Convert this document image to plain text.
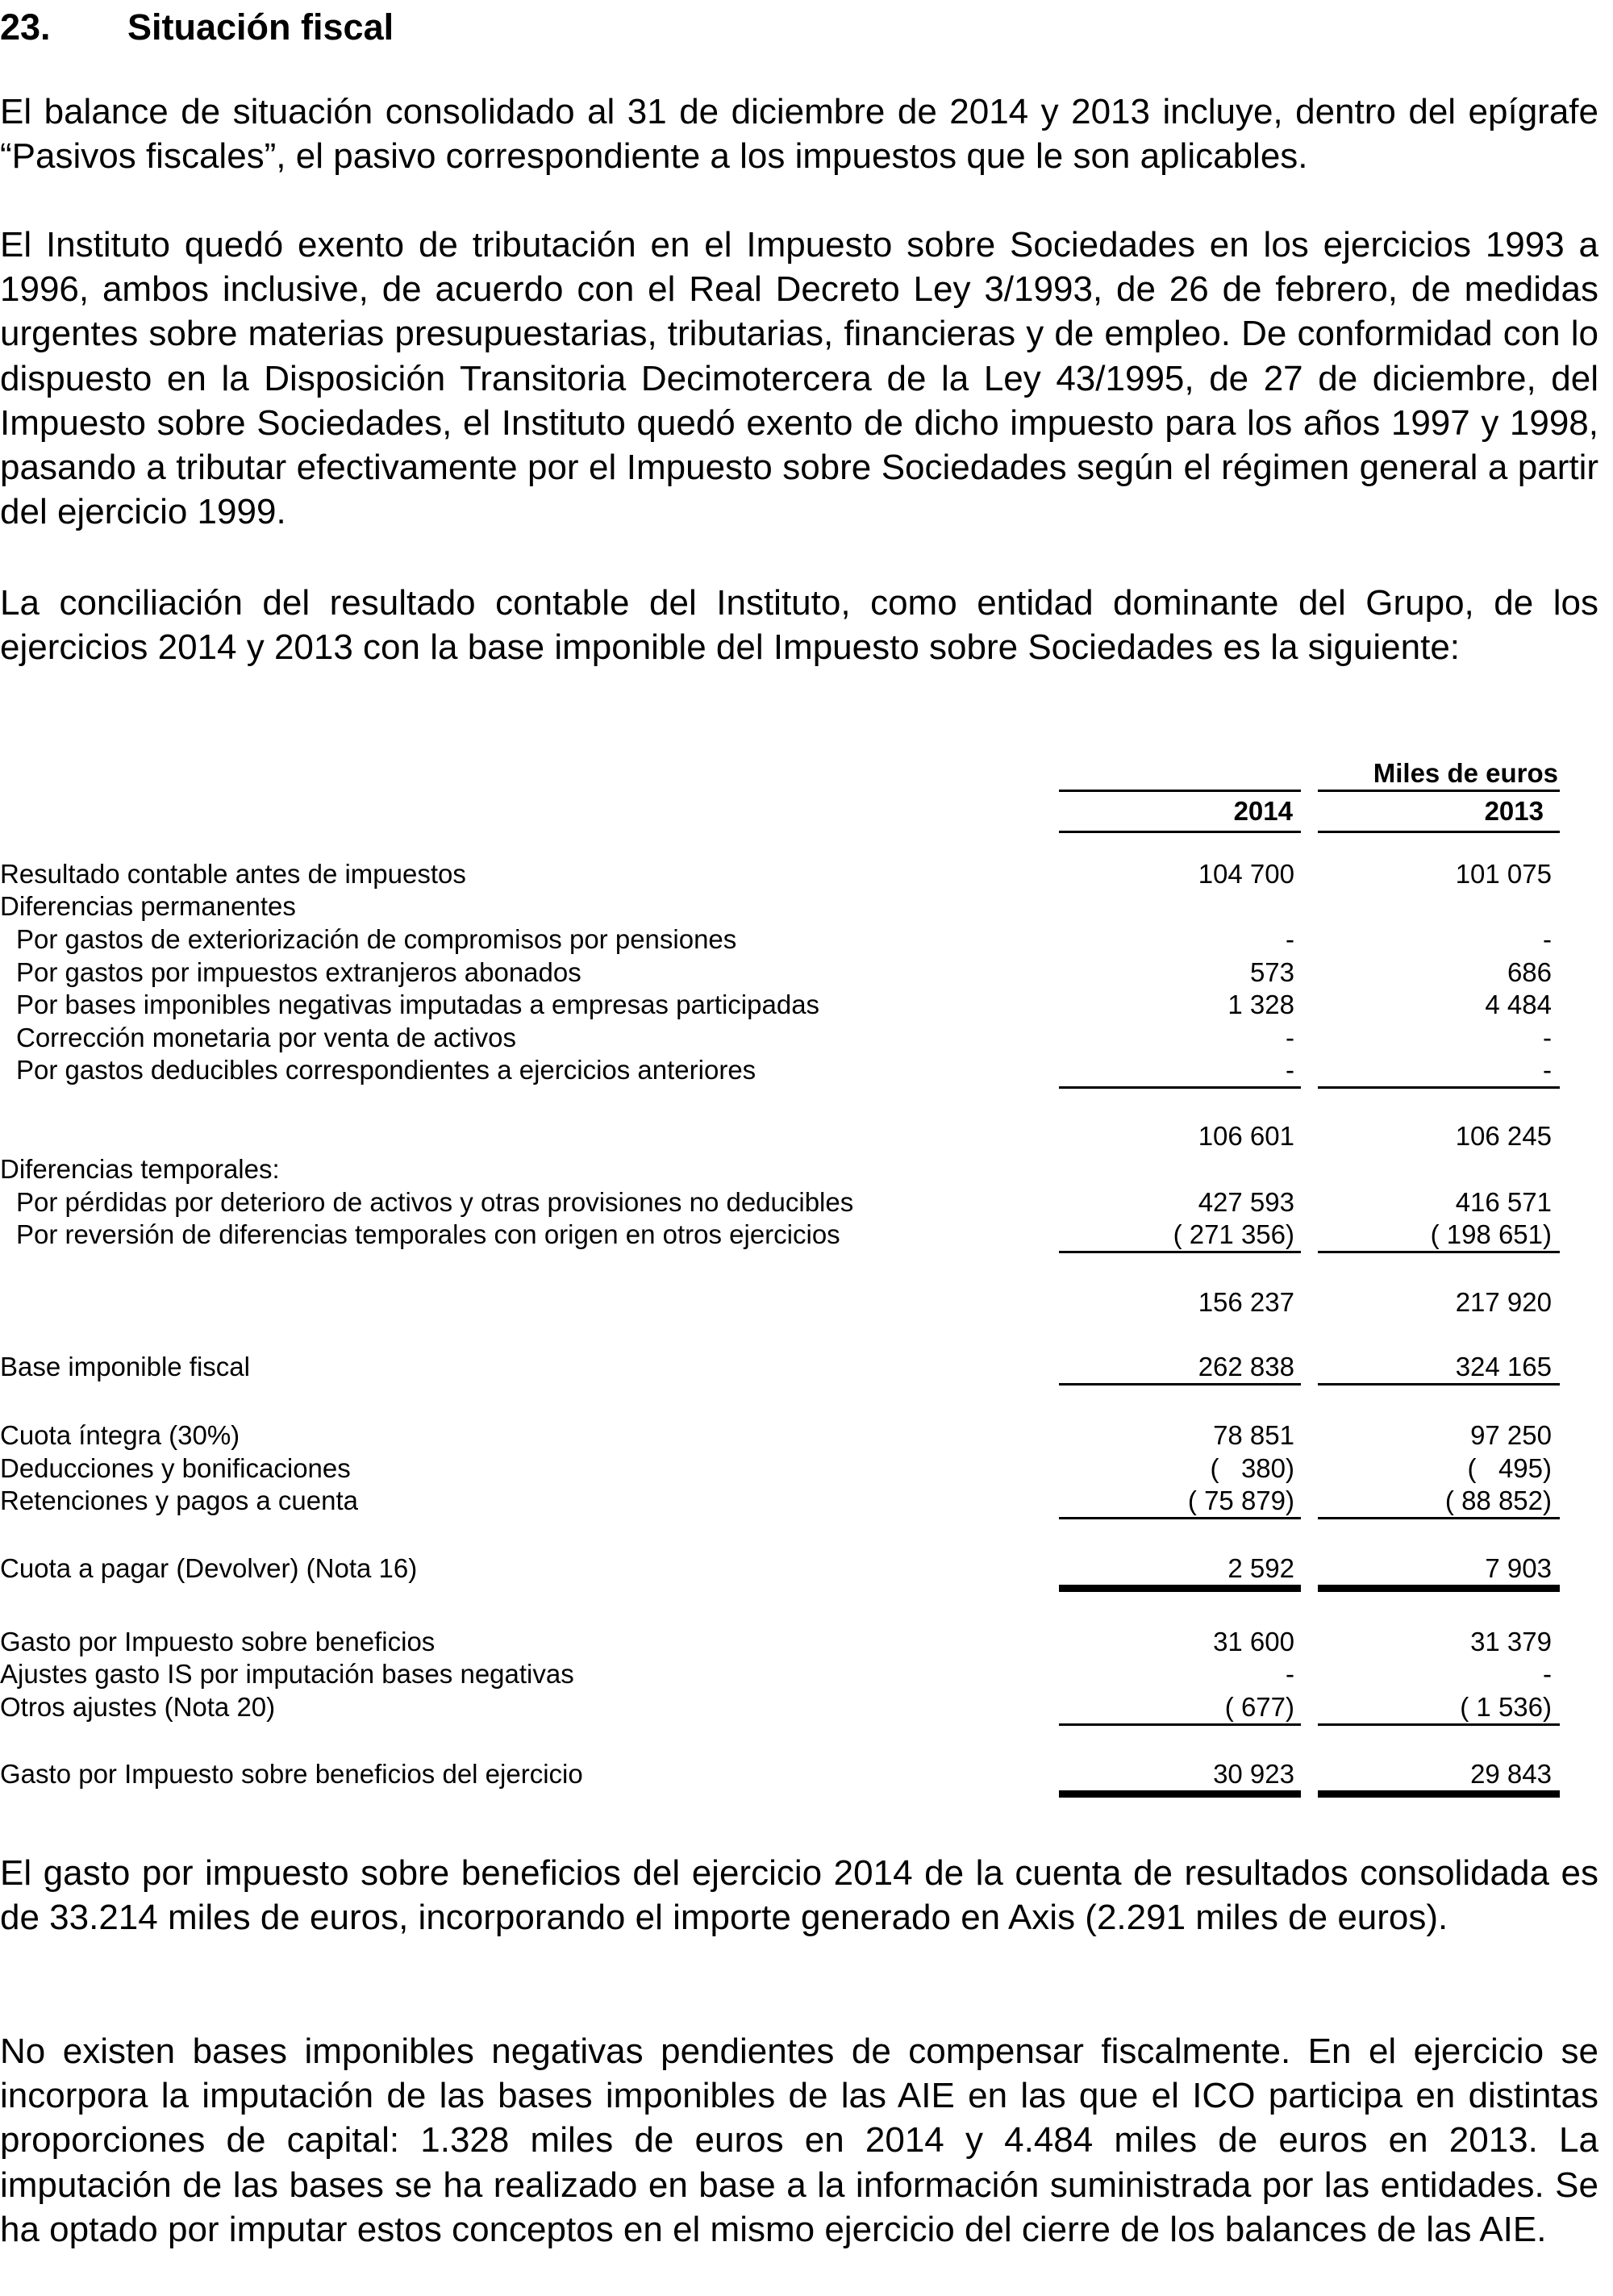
23. Situación fiscal

El balance de situación consolidado al 31 de diciembre de 2014 y 2013 incluye, dentro del epígrafe “Pasivos fiscales”, el pasivo correspondiente a los impuestos que le son aplicables.

El Instituto quedó exento de tributación en el Impuesto sobre Sociedades en los ejercicios 1993 a 1996, ambos inclusive, de acuerdo con el Real Decreto Ley 3/1993, de 26 de febrero, de medidas urgentes sobre materias presupuestarias, tributarias, financieras y de empleo. De conformidad con lo dispuesto en la Disposición Transitoria Decimotercera de la Ley 43/1995, de 27 de diciembre, del Impuesto sobre Sociedades, el Instituto quedó exento de dicho impuesto para los años 1997 y 1998, pasando a tributar efectivamente por el Impuesto sobre Sociedades según el régimen general a partir del ejercicio 1999.

La conciliación del resultado contable del Instituto, como entidad dominante del Grupo, de los ejercicios 2014 y 2013 con la base imponible del Impuesto sobre Sociedades es la siguiente:

Miles de euros
2014	2013
Resultado contable antes de impuestos	104 700	101 075
Diferencias permanentes
Por gastos de exteriorización de compromisos por pensiones	-	-
Por gastos por impuestos extranjeros abonados	573	686
Por bases imponibles negativas imputadas a empresas participadas	1 328	4 484
Corrección monetaria por venta de activos	-	-
Por gastos deducibles correspondientes a ejercicios anteriores	-	-
106 601	106 245
Diferencias temporales:
Por pérdidas por deterioro de activos y otras provisiones no deducibles	427 593	416 571
Por reversión de diferencias temporales con origen en otros ejercicios	( 271 356)	( 198 651)
156 237	217 920
Base imponible fiscal	262 838	324 165
Cuota íntegra (30%)	78 851	97 250
Deducciones y bonificaciones	(   380)	(   495)
Retenciones y pagos a cuenta	( 75 879)	( 88 852)
Cuota a pagar (Devolver) (Nota 16)	2 592	7 903
Gasto por Impuesto sobre beneficios	31 600	31 379
Ajustes gasto IS por imputación bases negativas	-	-
Otros ajustes (Nota 20)	( 677)	( 1 536)
Gasto por Impuesto sobre beneficios del ejercicio	30 923	29 843

El gasto por impuesto sobre beneficios del ejercicio 2014 de la cuenta de resultados consolidada es de 33.214 miles de euros, incorporando el importe generado en Axis (2.291 miles de euros).

No existen bases imponibles negativas pendientes de compensar fiscalmente. En el ejercicio se incorpora la imputación de las bases imponibles de las AIE en las que el ICO participa en distintas proporciones de capital: 1.328 miles de euros en 2014 y 4.484 miles de euros en 2013. La imputación de las bases se ha realizado en base a la información suministrada por las entidades. Se ha optado por imputar estos conceptos en el mismo ejercicio del cierre de los balances de las AIE.
